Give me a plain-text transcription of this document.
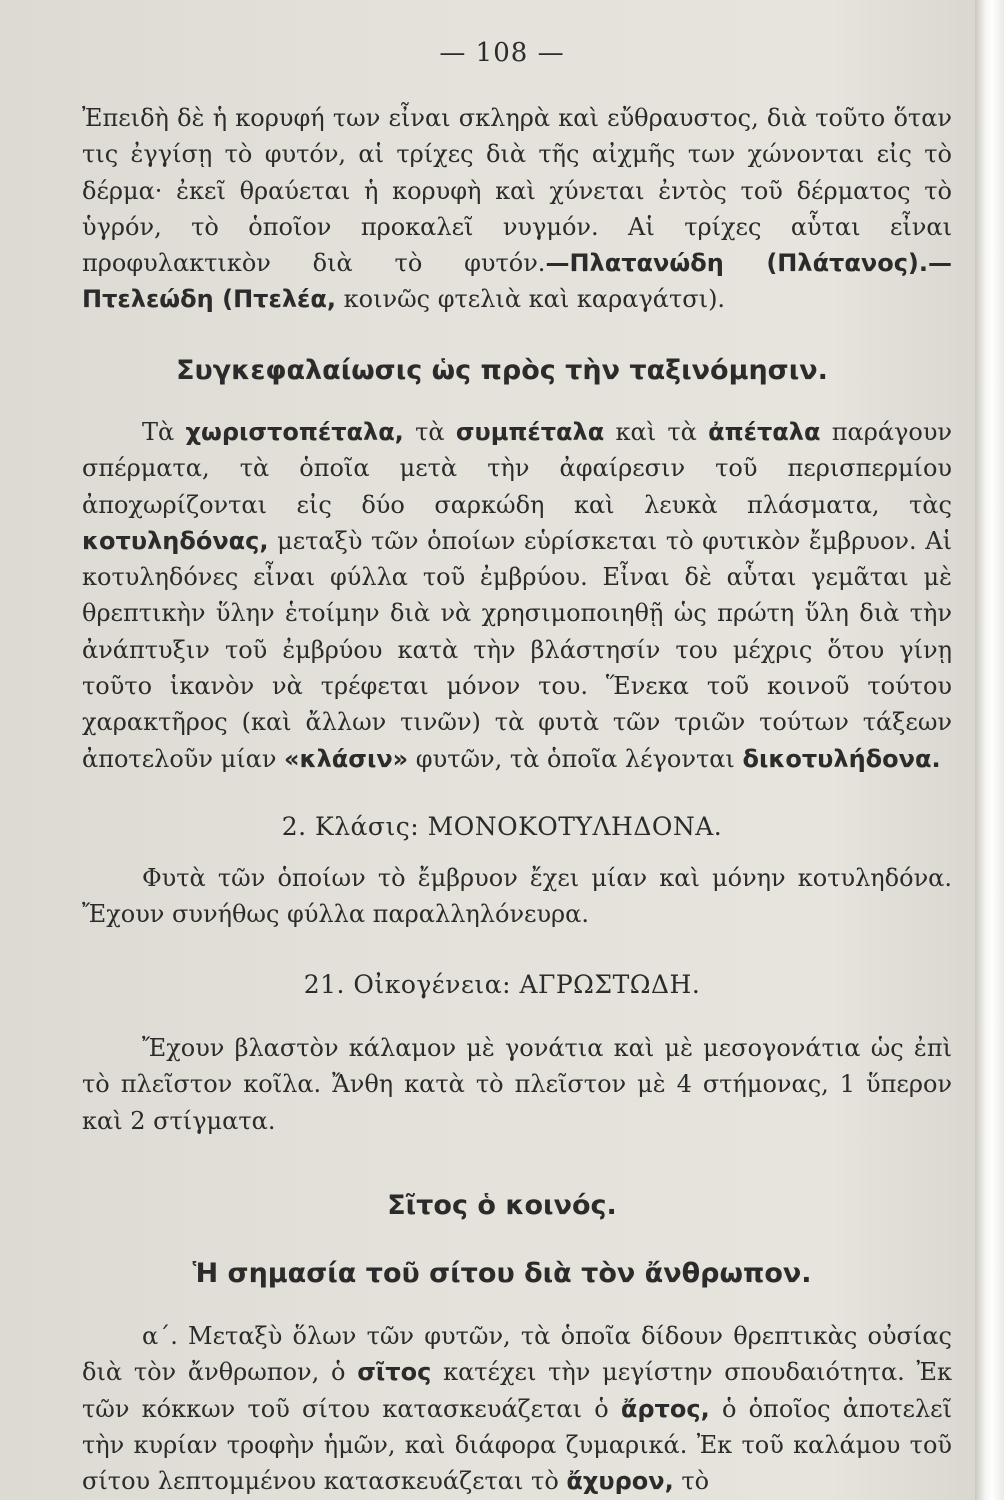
— 108 —

Ἐπειδὴ δὲ ἡ κορυφή των εἶναι σκληρὰ καὶ εὔθραυστος, διὰ τοῦτο ὅταν τις ἐγγίσῃ τὸ φυτόν, αἱ τρίχες διὰ τῆς αἰχμῆς των χώνονται εἰς τὸ δέρμα· ἐκεῖ θραύεται ἡ κορυφὴ καὶ χύνεται ἐντὸς τοῦ δέρματος τὸ ὑγρόν, τὸ ὁποῖον προκαλεῖ νυγμόν. Αἱ τρίχες αὗται εἶναι προφυλακτικὸν διὰ τὸ φυτόν.—Πλατανώδη (Πλάτανος).— Πτελεώδη (Πτελέα, κοινῶς φτελιὰ καὶ καραγάτσι).

Συγκεφαλαίωσις ὡς πρὸς τὴν ταξινόμησιν.

Τὰ χωριστοπέταλα, τὰ συμπέταλα καὶ τὰ ἀπέταλα παράγουν σπέρματα, τὰ ὁποῖα μετὰ τὴν ἀφαίρεσιν τοῦ περισπερμίου ἀποχωρίζονται εἰς δύο σαρκώδη καὶ λευκὰ πλάσματα, τὰς κοτυληδόνας, μεταξὺ τῶν ὁποίων εὑρίσκεται τὸ φυτικὸν ἔμβρυον. Αἱ κοτυληδόνες εἶναι φύλλα τοῦ ἐμβρύου. Εἶναι δὲ αὗται γεμᾶται μὲ θρεπτικὴν ὕλην ἑτοίμην διὰ νὰ χρησιμοποιηθῇ ὡς πρώτη ὕλη διὰ τὴν ἀνάπτυξιν τοῦ ἐμβρύου κατὰ τὴν βλάστησίν του μέχρις ὅτου γίνῃ τοῦτο ἱκανὸν νὰ τρέφεται μόνον του. Ἕνεκα τοῦ κοινοῦ τούτου χαρακτῆρος (καὶ ἄλλων τινῶν) τὰ φυτὰ τῶν τριῶν τούτων τάξεων ἀποτελοῦν μίαν «κλάσιν» φυτῶν, τὰ ὁποῖα λέγονται δικοτυλήδονα.

2. Κλάσις: ΜΟΝΟΚΟΤΥΛΗΔΟΝΑ.

Φυτὰ τῶν ὁποίων τὸ ἔμβρυον ἔχει μίαν καὶ μόνην κοτυληδόνα. Ἔχουν συνήθως φύλλα παραλληλόνευρα.

21. Οἰκογένεια: ΑΓΡΩΣΤΩΔΗ.

Ἔχουν βλαστὸν κάλαμον μὲ γονάτια καὶ μὲ μεσογονάτια ὡς ἐπὶ τὸ πλεῖστον κοῖλα. Ἄνθη κατὰ τὸ πλεῖστον μὲ 4 στήμονας, 1 ὕπερον καὶ 2 στίγματα.

Σῖτος ὁ κοινός.
Ἡ σημασία τοῦ σίτου διὰ τὸν ἄνθρωπον.

α΄. Μεταξὺ ὅλων τῶν φυτῶν, τὰ ὁποῖα δίδουν θρεπτικὰς οὐσίας διὰ τὸν ἄνθρωπον, ὁ σῖτος κατέχει τὴν μεγίστην σπουδαιότητα. Ἐκ τῶν κόκκων τοῦ σίτου κατασκευάζεται ὁ ἄρτος, ὁ ὁποῖος ἀποτελεῖ τὴν κυρίαν τροφὴν ἡμῶν, καὶ διάφορα ζυμαρικά. Ἐκ τοῦ καλάμου τοῦ σίτου λεπτομμένου κατασκευάζεται τὸ ἄχυρον, τὸ
